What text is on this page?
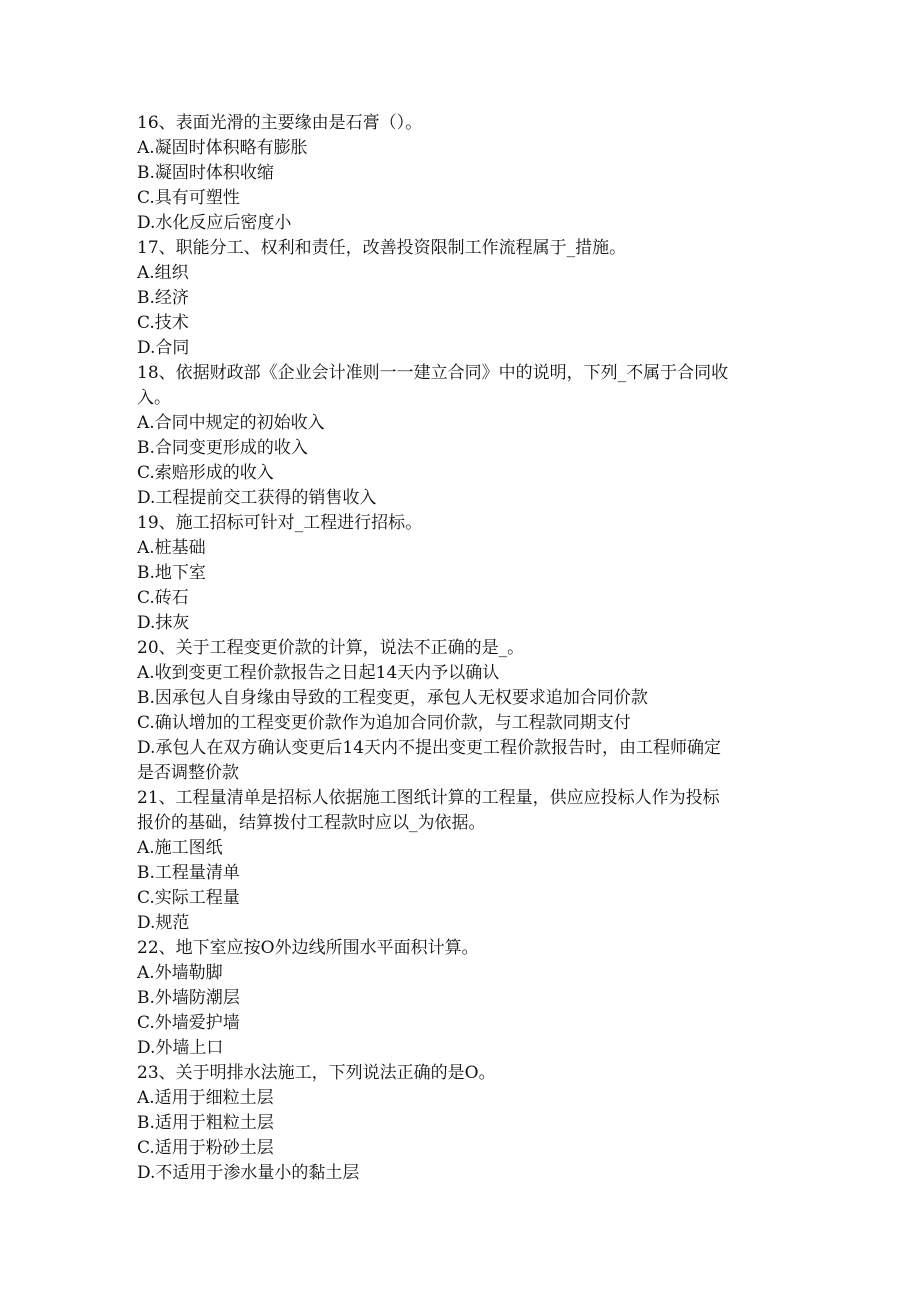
16、表面光滑的主要缘由是石膏（）。
A.凝固时体积略有膨胀
B.凝固时体积收缩
C.具有可塑性
D.水化反应后密度小
17、职能分工、权利和责任，改善投资限制工作流程属于_措施。
A.组织
B.经济
C.技术
D.合同
18、依据财政部《企业会计准则一一建立合同》中的说明，下列_不属于合同收
入。
A.合同中规定的初始收入
B.合同变更形成的收入
C.索赔形成的收入
D.工程提前交工获得的销售收入
19、施工招标可针对_工程进行招标。
A.桩基础
B.地下室
C.砖石
D.抹灰
20、关于工程变更价款的计算，说法不正确的是_。
A.收到变更工程价款报告之日起14天内予以确认
B.因承包人自身缘由导致的工程变更，承包人无权要求追加合同价款
C.确认增加的工程变更价款作为追加合同价款，与工程款同期支付
D.承包人在双方确认变更后14天内不提出变更工程价款报告时，由工程师确定
是否调整价款
21、工程量清单是招标人依据施工图纸计算的工程量，供应应投标人作为投标
报价的基础，结算拨付工程款时应以_为依据。
A.施工图纸
B.工程量清单
C.实际工程量
D.规范
22、地下室应按O外边线所围水平面积计算。
A.外墙勒脚
B.外墙防潮层
C.外墙爱护墙
D.外墙上口
23、关于明排水法施工，下列说法正确的是O。
A.适用于细粒土层
B.适用于粗粒土层
C.适用于粉砂土层
D.不适用于渗水量小的黏土层
